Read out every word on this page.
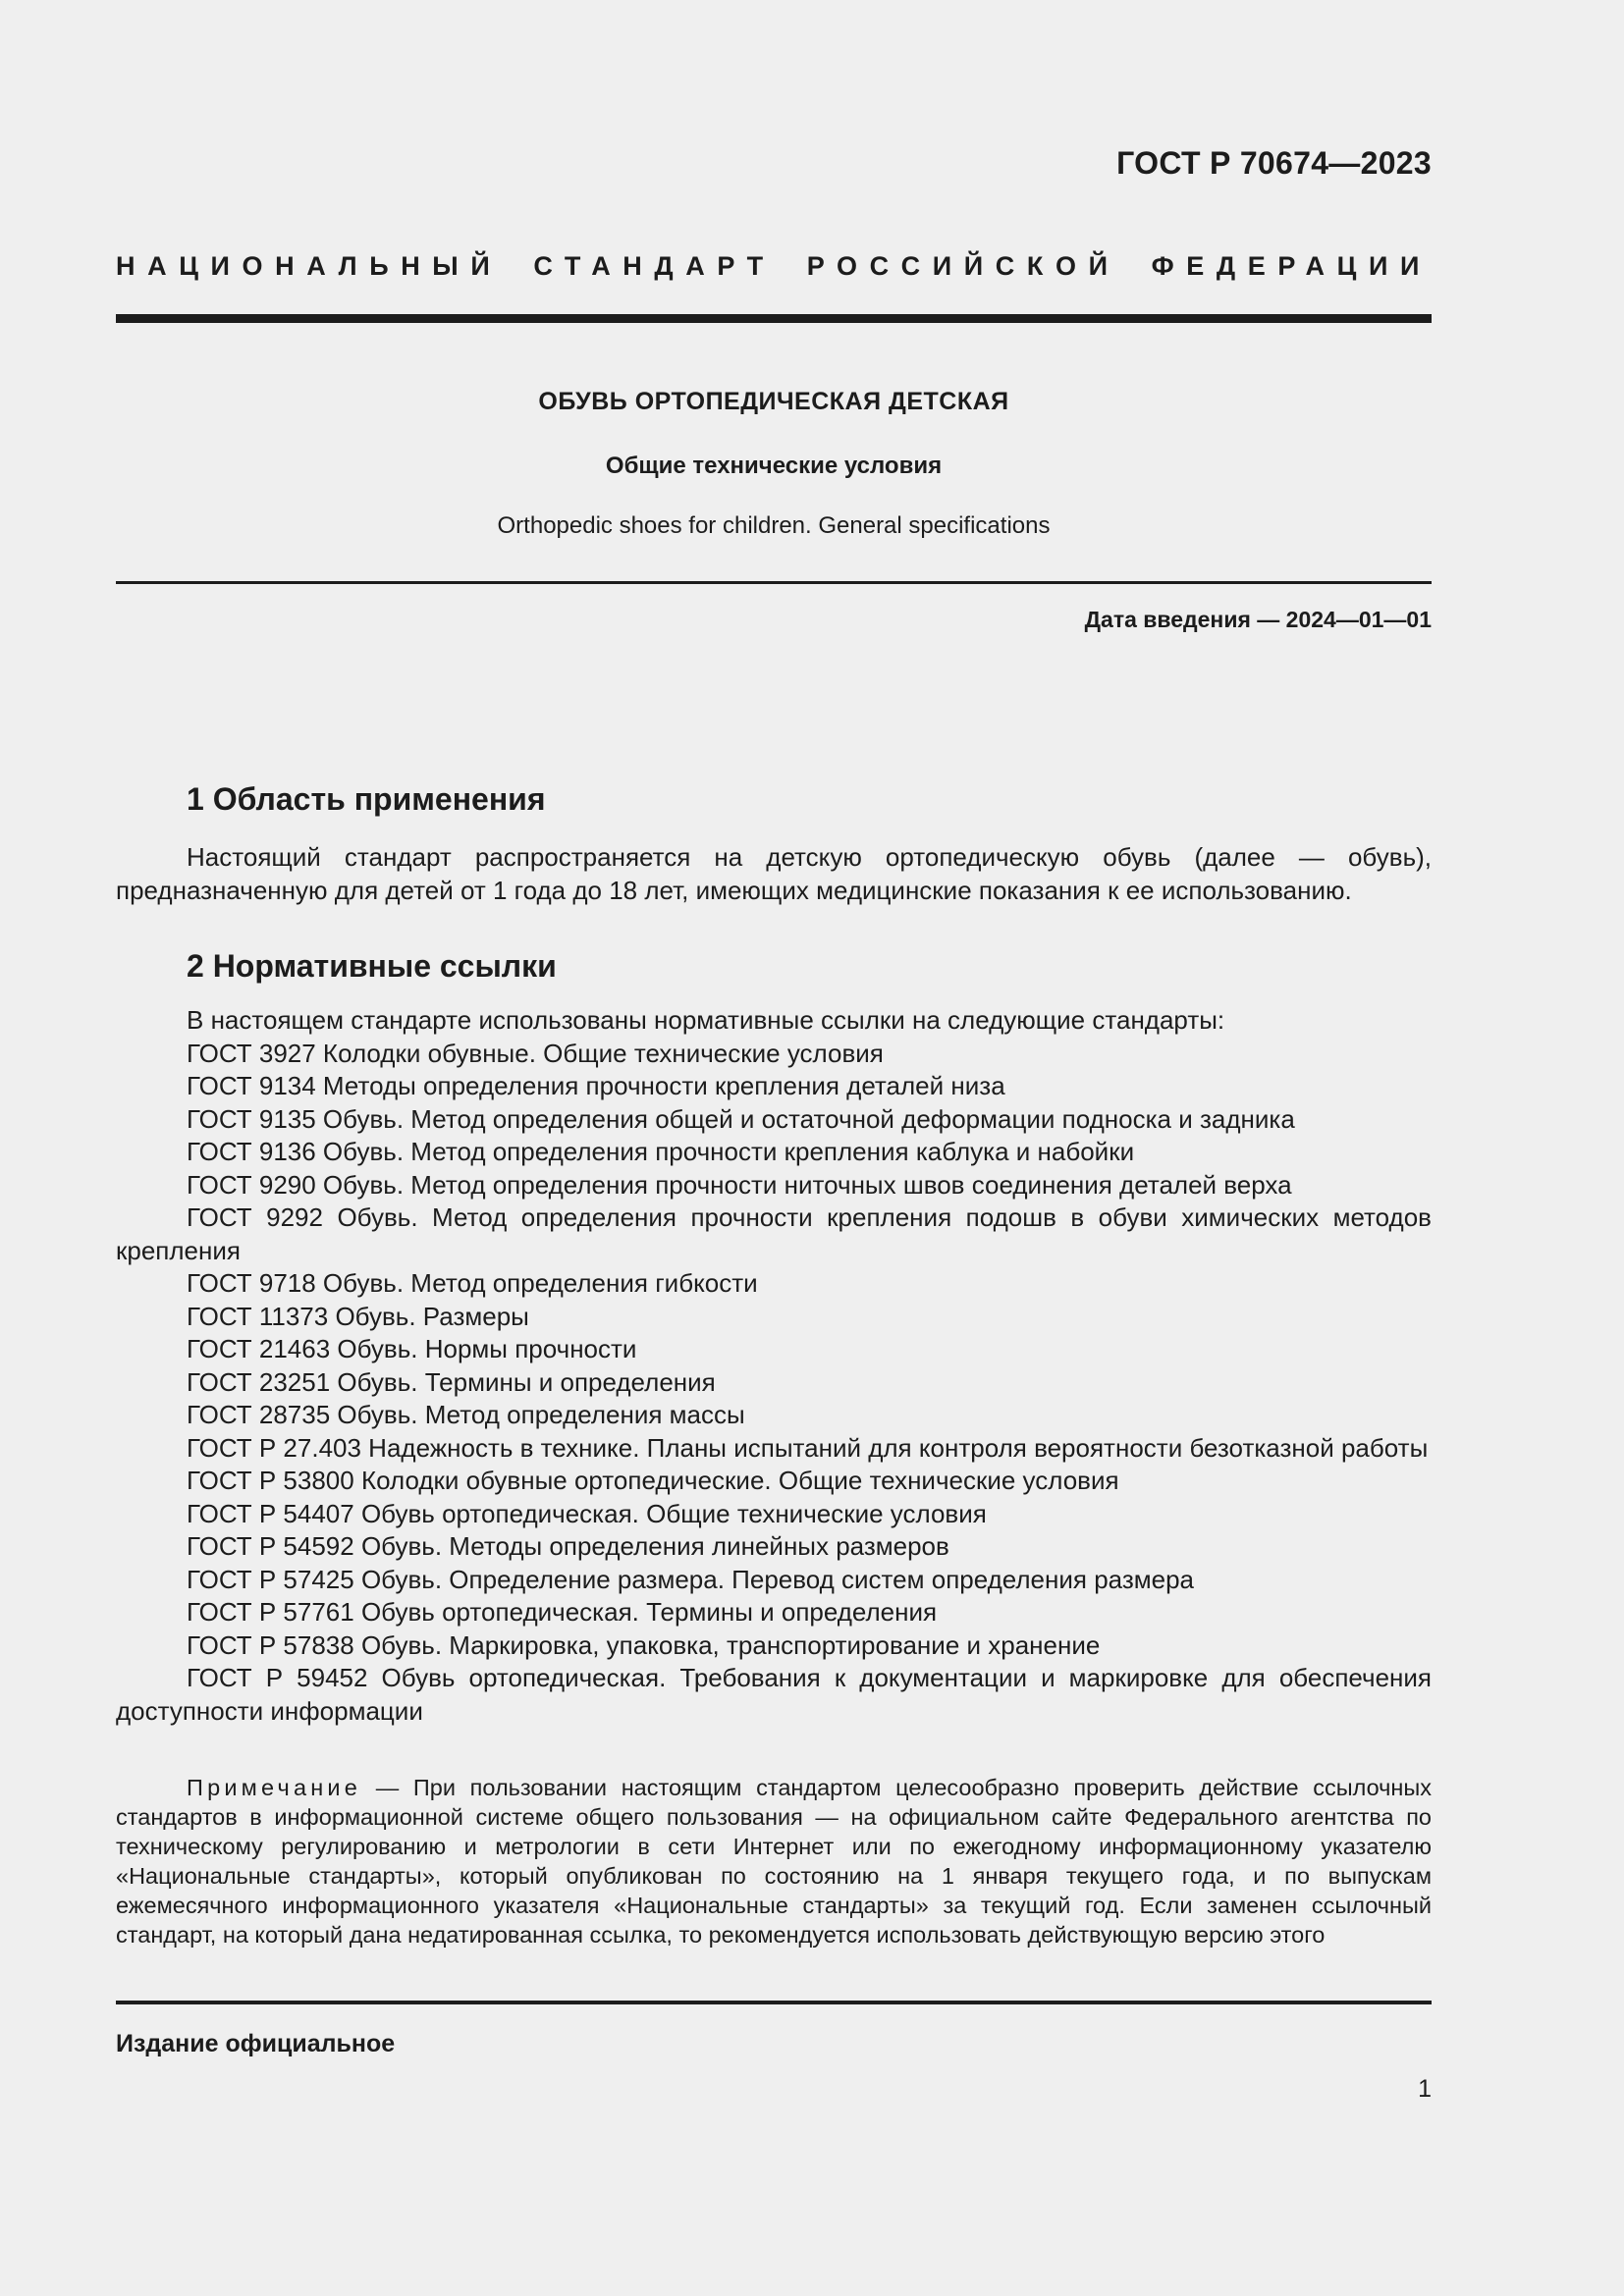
ГОСТ Р 70674—2023
НАЦИОНАЛЬНЫЙ СТАНДАРТ РОССИЙСКОЙ ФЕДЕРАЦИИ
ОБУВЬ ОРТОПЕДИЧЕСКАЯ ДЕТСКАЯ
Общие технические условия
Orthopedic shoes for children. General specifications
Дата введения — 2024—01—01
1 Область применения

Настоящий стандарт распространяется на детскую ортопедическую обувь (далее — обувь), предназначенную для детей от 1 года до 18 лет, имеющих медицинские показания к ее использованию.

2 Нормативные ссылки
В настоящем стандарте использованы нормативные ссылки на следующие стандарты:
ГОСТ 3927 Колодки обувные. Общие технические условия
ГОСТ 9134 Методы определения прочности крепления деталей низа
ГОСТ 9135 Обувь. Метод определения общей и остаточной деформации подноска и задника
ГОСТ 9136 Обувь. Метод определения прочности крепления каблука и набойки
ГОСТ 9290 Обувь. Метод определения прочности ниточных швов соединения деталей верха
ГОСТ 9292 Обувь. Метод определения прочности крепления подошв в обуви химических методов крепления
ГОСТ 9718 Обувь. Метод определения гибкости
ГОСТ 11373 Обувь. Размеры
ГОСТ 21463 Обувь. Нормы прочности
ГОСТ 23251 Обувь. Термины и определения
ГОСТ 28735 Обувь. Метод определения массы
ГОСТ Р 27.403 Надежность в технике. Планы испытаний для контроля вероятности безотказной работы
ГОСТ Р 53800 Колодки обувные ортопедические. Общие технические условия
ГОСТ Р 54407 Обувь ортопедическая. Общие технические условия
ГОСТ Р 54592 Обувь. Методы определения линейных размеров
ГОСТ Р 57425 Обувь. Определение размера. Перевод систем определения размера
ГОСТ Р 57761 Обувь ортопедическая. Термины и определения
ГОСТ Р 57838 Обувь. Маркировка, упаковка, транспортирование и хранение
ГОСТ Р 59452 Обувь ортопедическая. Требования к документации и маркировке для обеспечения доступности информации

Примечание — При пользовании настоящим стандартом целесообразно проверить действие ссылочных стандартов в информационной системе общего пользования — на официальном сайте Федерального агентства по техническому регулированию и метрологии в сети Интернет или по ежегодному информационному указателю «Национальные стандарты», который опубликован по состоянию на 1 января текущего года, и по выпускам ежемесячного информационного указателя «Национальные стандарты» за текущий год. Если заменен ссылочный стандарт, на который дана недатированная ссылка, то рекомендуется использовать действующую версию этого

Издание официальное
1
